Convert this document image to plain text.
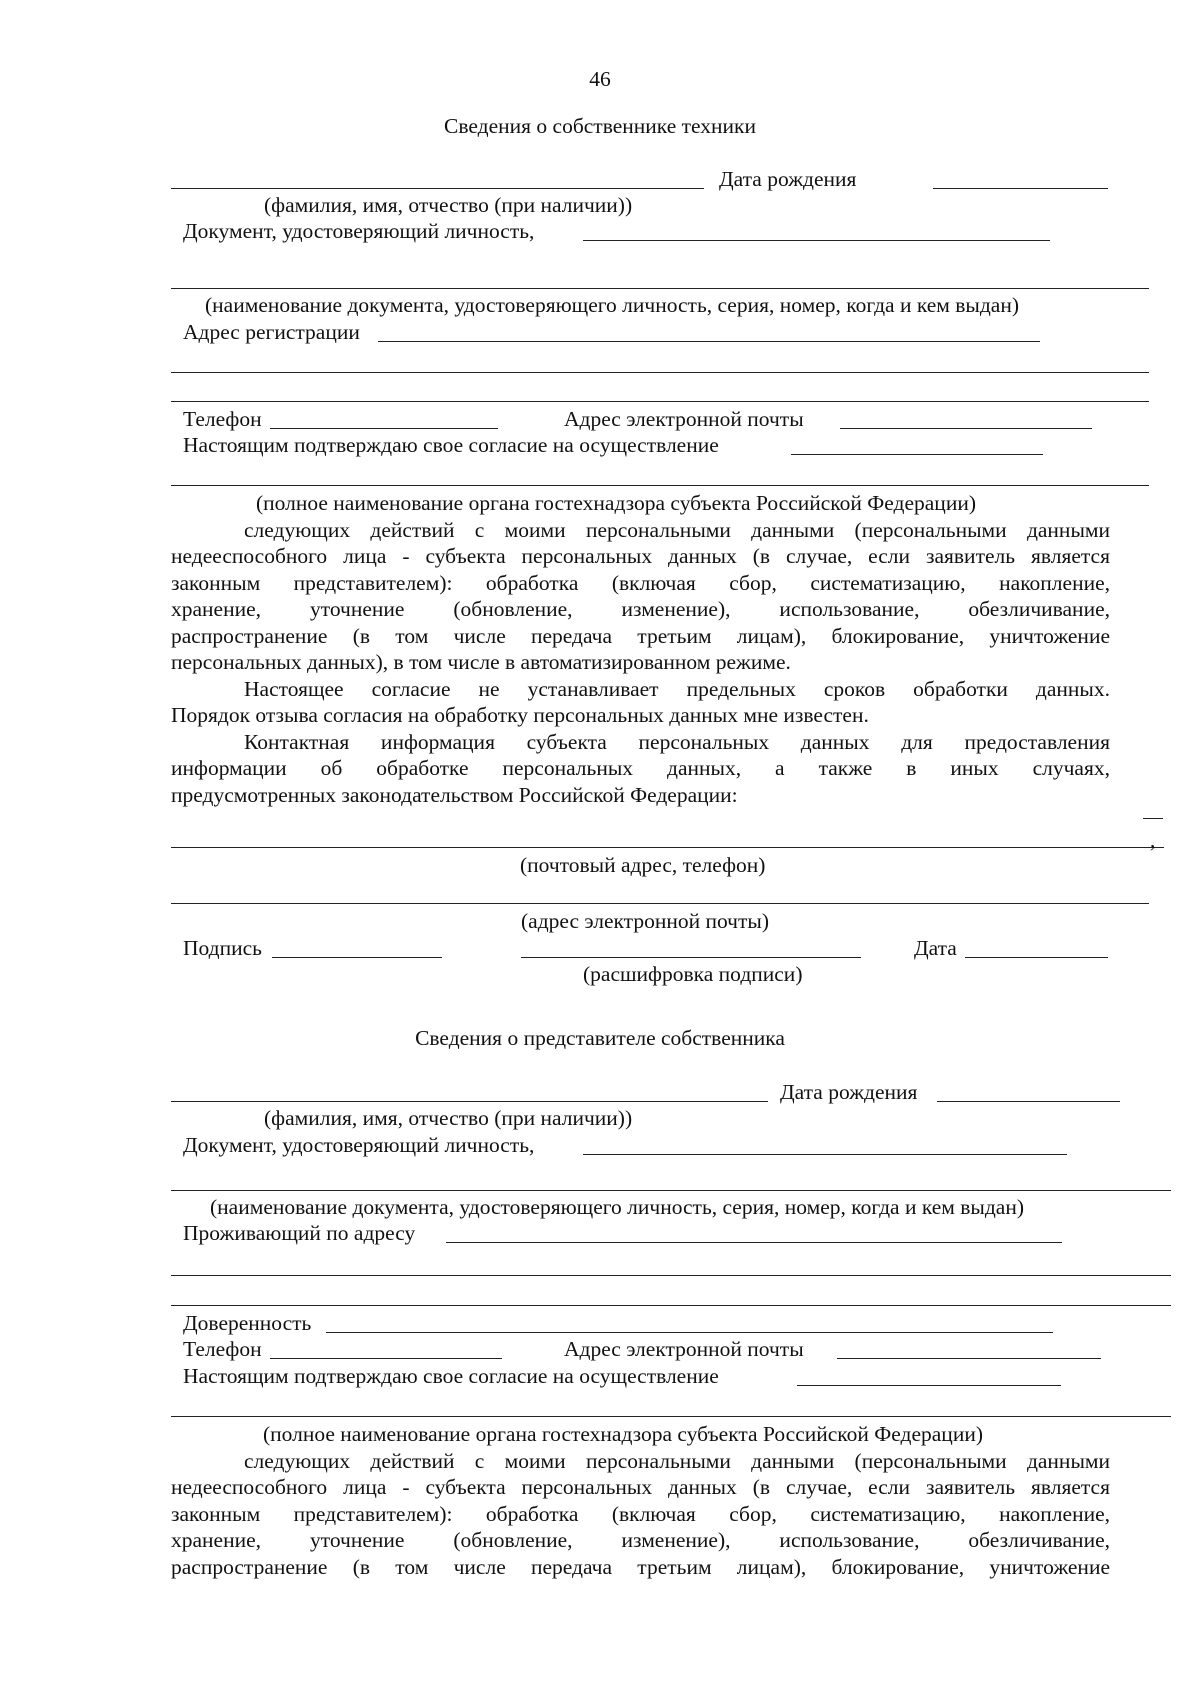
46
Сведения о собственнике техники
Дата рождения
(фамилия, имя, отчество (при наличии))
Документ, удостоверяющий личность,
(наименование документа, удостоверяющего личность, серия, номер, когда и кем выдан)
Адрес регистрации
Телефон	Адрес электронной почты
Настоящим подтверждаю свое согласие на осуществление
(полное наименование органа гостехнадзора субъекта Российской Федерации)
следующих действий с моими персональными данными (персональными данными
недееспособного лица - субъекта персональных данных (в случае, если заявитель является
законным представителем): обработка (включая сбор, систематизацию, накопление,
хранение, уточнение (обновление, изменение), использование, обезличивание,
распространение (в том числе передача третьим лицам), блокирование, уничтожение
персональных данных), в том числе в автоматизированном режиме.
Настоящее согласие не устанавливает предельных сроков обработки данных.
Порядок отзыва согласия на обработку персональных данных мне известен.
Контактная информация субъекта персональных данных для предоставления
информации об обработке персональных данных, а также в иных случаях,
предусмотренных законодательством Российской Федерации:
,
(почтовый адрес, телефон)
(адрес электронной почты)
Подпись	Дата
(расшифровка подписи)
Сведения о представителе собственника
Дата рождения
(фамилия, имя, отчество (при наличии))
Документ, удостоверяющий личность,
(наименование документа, удостоверяющего личность, серия, номер, когда и кем выдан)
Проживающий по адресу
Доверенность
Телефон	Адрес электронной почты
Настоящим подтверждаю свое согласие на осуществление
(полное наименование органа гостехнадзора субъекта Российской Федерации)
следующих действий с моими персональными данными (персональными данными
недееспособного лица - субъекта персональных данных (в случае, если заявитель является
законным представителем): обработка (включая сбор, систематизацию, накопление,
хранение, уточнение (обновление, изменение), использование, обезличивание,
распространение (в том числе передача третьим лицам), блокирование, уничтожение
